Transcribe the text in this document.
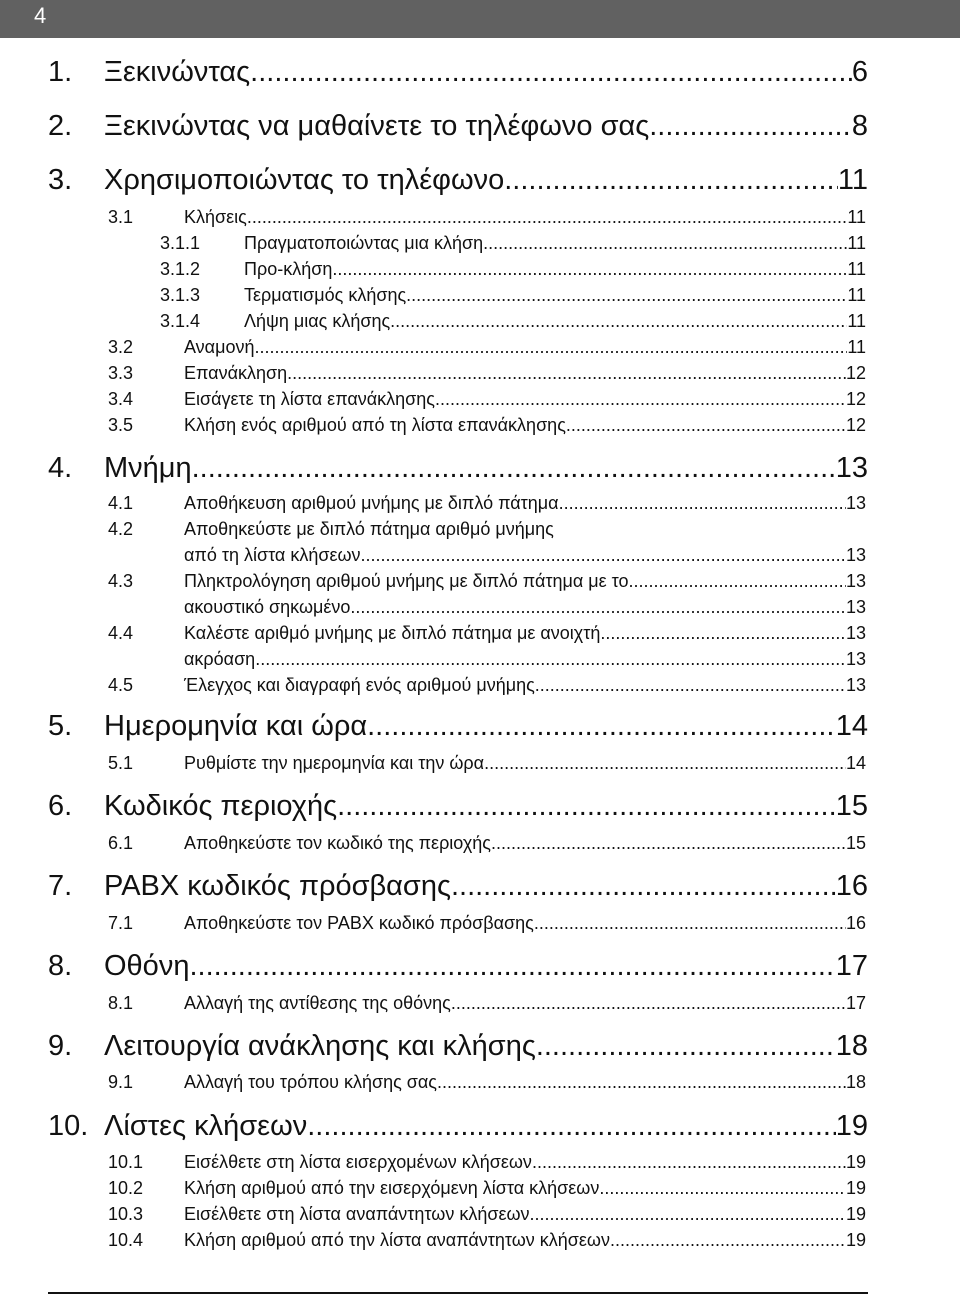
4
1.	Ξεκινώντας .....	6
2.	Ξεκινώντας να μαθαίνετε το τηλέφωνο σας .....	8
3.	Χρησιμοποιώντας το τηλέφωνο .....	11
3.1	Κλήσεις .....	11
3.1.1	Πραγματοποιώντας μια κλήση .....	11
3.1.2	Προ-κλήση .....	11
3.1.3	Τερματισμός κλήσης .....	11
3.1.4	Λήψη μιας κλήσης .....	11
3.2	Αναμονή .....	11
3.3	Επανάκληση .....	12
3.4	Εισάγετε τη λίστα επανάκλησης .....	12
3.5	Κλήση ενός αριθμού από τη λίστα επανάκλησης .....	12
4.	Μνήμη .....	13
4.1	Αποθήκευση αριθμού μνήμης με διπλό πάτημα .....	13
4.2	Αποθηκεύστε με διπλό πάτημα αριθμό μνήμης
από τη λίστα κλήσεων .....	13
4.3	Πληκτρολόγηση αριθμού μνήμης με διπλό πάτημα με το .....	13
ακουστικό σηκωμένο .....	13
4.4	Καλέστε αριθμό μνήμης με διπλό πάτημα με ανοιχτή .....	13
ακρόαση .....	13
4.5	Έλεγχος και διαγραφή ενός αριθμού μνήμης .....	13
5.	Ημερομηνία και ώρα .....	14
5.1	Ρυθμίστε την ημερομηνία και την ώρα .....	14
6.	Κωδικός περιοχής .....	15
6.1	Αποθηκεύστε τον κωδικό της περιοχής .....	15
7.	PABX κωδικός πρόσβασης .....	16
7.1	Αποθηκεύστε τον PABX κωδικό πρόσβασης .....	16
8.	Οθόνη .....	17
8.1	Αλλαγή της αντίθεσης της οθόνης .....	17
9.	Λειτουργία ανάκλησης και κλήσης .....	18
9.1	Αλλαγή του τρόπου κλήσης σας .....	18
10. Λίστες κλήσεων .....	19
10.1	Εισέλθετε στη λίστα εισερχομένων κλήσεων .....	19
10.2	Κλήση αριθμού από την εισερχόμενη λίστα κλήσεων .....	19
10.3	Εισέλθετε στη λίστα αναπάντητων κλήσεων .....	19
10.4	Κλήση αριθμού από την λίστα αναπάντητων κλήσεων .....	19
